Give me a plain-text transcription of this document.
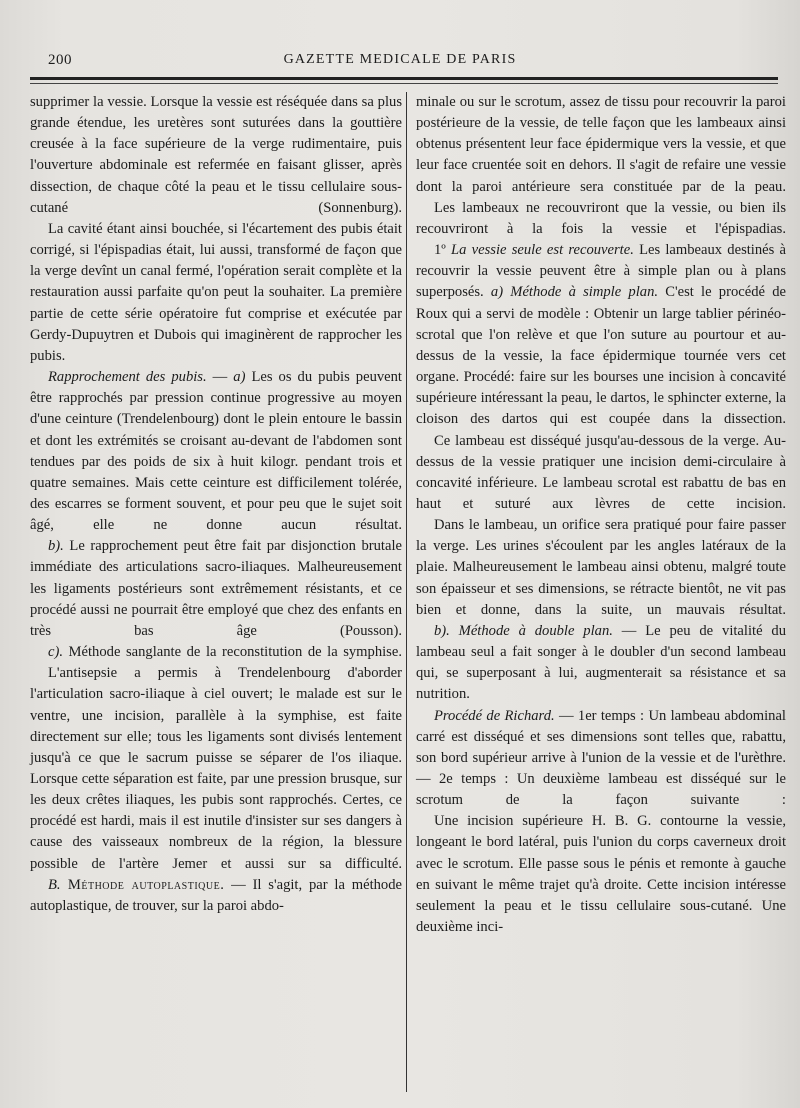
200	GAZETTE MEDICALE DE PARIS

supprimer la vessie. Lorsque la vessie est réséquée dans sa plus grande étendue, les uretères sont suturées dans la gouttière creusée à la face supérieure de la verge rudimentaire, puis l'ouverture abdominale est refermée en faisant glisser, après dissection, de chaque côté la peau et le tissu cellulaire sous-cutané (Sonnenburg).

La cavité étant ainsi bouchée, si l'écartement des pubis était corrigé, si l'épispadias était, lui aussi, transformé de façon que la verge devînt un canal fermé, l'opération serait complète et la restauration aussi parfaite qu'on peut la souhaiter. La première partie de cette série opératoire fut comprise et exécutée par Gerdy-Dupuytren et Dubois qui imaginèrent de rapprocher les pubis.

Rapprochement des pubis. — a) Les os du pubis peuvent être rapprochés par pression continue progressive au moyen d'une ceinture (Trendelenbourg) dont le plein entoure le bassin et dont les extrémités se croisant au-devant de l'abdomen sont tendues par des poids de six à huit kilogr. pendant trois et quatre semaines. Mais cette ceinture est difficilement tolérée, des escarres se forment souvent, et pour peu que le sujet soit âgé, elle ne donne aucun résultat.

b). Le rapprochement peut être fait par disjonction brutale immédiate des articulations sacro-iliaques. Malheureusement les ligaments postérieurs sont extrêmement résistants, et ce procédé aussi ne pourrait être employé que chez des enfants en très bas âge (Pousson).

c). Méthode sanglante de la reconstitution de la symphise.

L'antisepsie a permis à Trendelenbourg d'aborder l'articulation sacro-iliaque à ciel ouvert; le malade est sur le ventre, une incision, parallèle à la symphise, est faite directement sur elle; tous les ligaments sont divisés lentement jusqu'à ce que le sacrum puisse se séparer de l'os iliaque. Lorsque cette séparation est faite, par une pression brusque, sur les deux crêtes iliaques, les pubis sont rapprochés. Certes, ce procédé est hardi, mais il est inutile d'insister sur ses dangers à cause des vaisseaux nombreux de la région, la blessure possible de l'artère Jemer et aussi sur sa difficulté.

B. Méthode autoplastique. — Il s'agit, par la méthode autoplastique, de trouver, sur la paroi abdo-

minale ou sur le scrotum, assez de tissu pour recouvrir la paroi postérieure de la vessie, de telle façon que les lambeaux ainsi obtenus présentent leur face épidermique vers la vessie, et que leur face cruentée soit en dehors. Il s'agit de refaire une vessie dont la paroi antérieure sera constituée par de la peau.

Les lambeaux ne recouvriront que la vessie, ou bien ils recouvriront à la fois la vessie et l'épispadias.

1º La vessie seule est recouverte. Les lambeaux destinés à recouvrir la vessie peuvent être à simple plan ou à plans superposés. a) Méthode à simple plan. C'est le procédé de Roux qui a servi de modèle : Obtenir un large tablier périnéo-scrotal que l'on relève et que l'on suture au pourtour et au-dessus de la vessie, la face épidermique tournée vers cet organe. Procédé: faire sur les bourses une incision à concavité supérieure intéressant la peau, le dartos, le sphincter externe, la cloison des dartos qui est coupée dans la dissection.

Ce lambeau est disséqué jusqu'au-dessous de la verge. Au-dessus de la vessie pratiquer une incision demi-circulaire à concavité inférieure. Le lambeau scrotal est rabattu de bas en haut et suturé aux lèvres de cette incision.

Dans le lambeau, un orifice sera pratiqué pour faire passer la verge. Les urines s'écoulent par les angles latéraux de la plaie. Malheureusement le lambeau ainsi obtenu, malgré toute son épaisseur et ses dimensions, se rétracte bientôt, ne vit pas bien et donne, dans la suite, un mauvais résultat.

b). Méthode à double plan. — Le peu de vitalité du lambeau seul a fait songer à le doubler d'un second lambeau qui, se superposant à lui, augmenterait sa résistance et sa nutrition.

Procédé de Richard. — 1er temps : Un lambeau abdominal carré est disséqué et ses dimensions sont telles que, rabattu, son bord supérieur arrive à l'union de la vessie et de l'urèthre. — 2e temps : Un deuxième lambeau est disséqué sur le scrotum de la façon suivante :

Une incision supérieure H. B. G. contourne la vessie, longeant le bord latéral, puis l'union du corps caverneux droit avec le scrotum. Elle passe sous le pénis et remonte à gauche en suivant le même trajet qu'à droite. Cette incision intéresse seulement la peau et le tissu cellulaire sous-cutané. Une deuxième inci-
